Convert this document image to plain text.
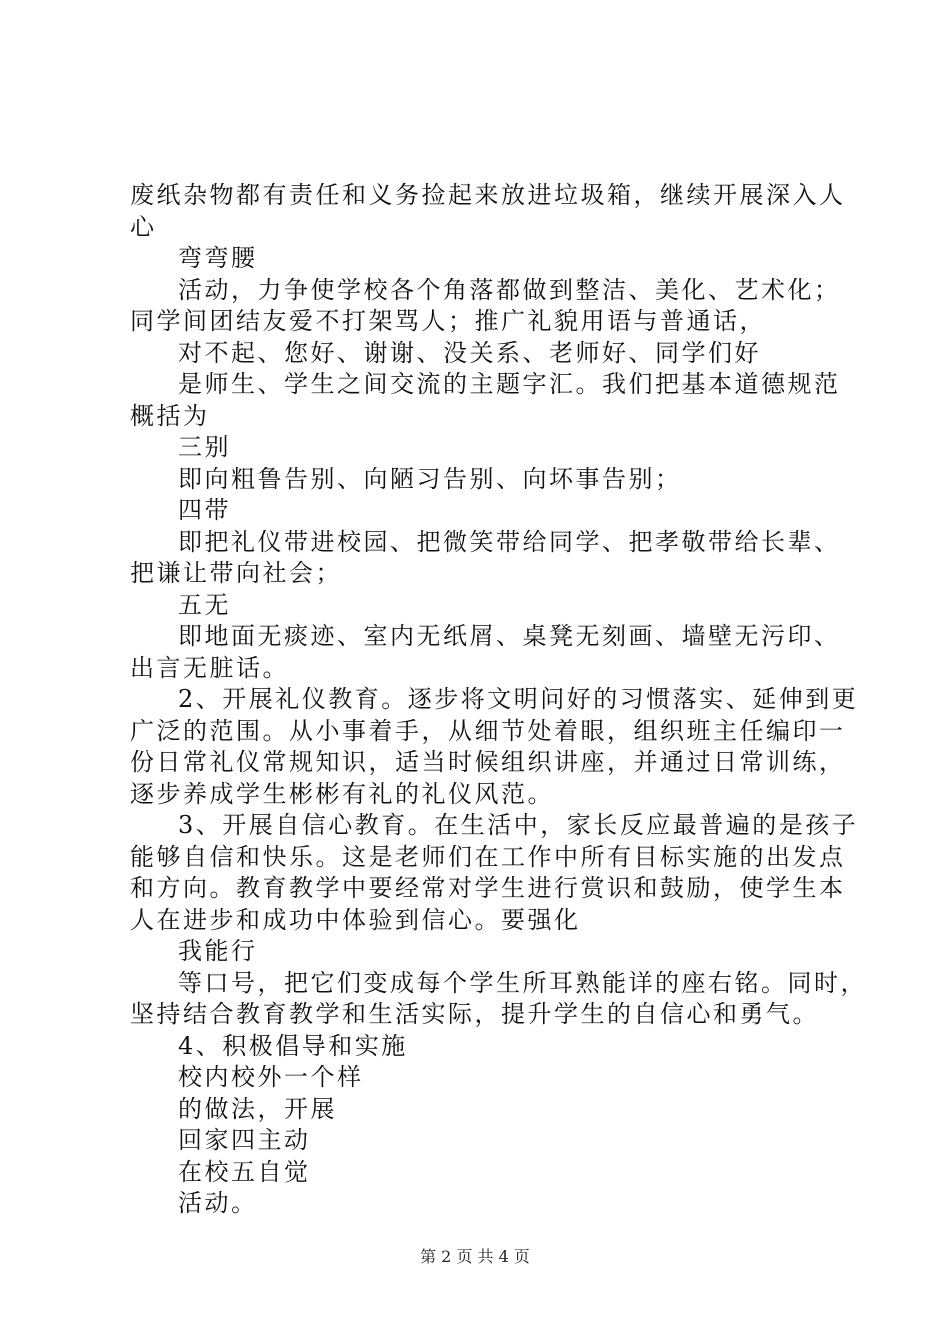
废纸杂物都有责任和义务捡起来放进垃圾箱，继续开展深入人
心
弯弯腰
活动，力争使学校各个角落都做到整洁、美化、艺术化；
同学间团结友爱不打架骂人；推广礼貌用语与普通话，
对不起、您好、谢谢、没关系、老师好、同学们好
是师生、学生之间交流的主题字汇。我们把基本道德规范
概括为
三别
即向粗鲁告别、向陋习告别、向坏事告别；
四带
即把礼仪带进校园、把微笑带给同学、把孝敬带给长辈、
把谦让带向社会；
五无
即地面无痰迹、室内无纸屑、桌凳无刻画、墙壁无污印、
出言无脏话。
2、开展礼仪教育。逐步将文明问好的习惯落实、延伸到更
广泛的范围。从小事着手，从细节处着眼，组织班主任编印一
份日常礼仪常规知识，适当时候组织讲座，并通过日常训练，
逐步养成学生彬彬有礼的礼仪风范。
3、开展自信心教育。在生活中，家长反应最普遍的是孩子
能够自信和快乐。这是老师们在工作中所有目标实施的出发点
和方向。教育教学中要经常对学生进行赏识和鼓励，使学生本
人在进步和成功中体验到信心。要强化
我能行
等口号，把它们变成每个学生所耳熟能详的座右铭。同时，
坚持结合教育教学和生活实际，提升学生的自信心和勇气。
4、积极倡导和实施
校内校外一个样
的做法，开展
回家四主动
在校五自觉
活动。
第 2 页 共 4 页
